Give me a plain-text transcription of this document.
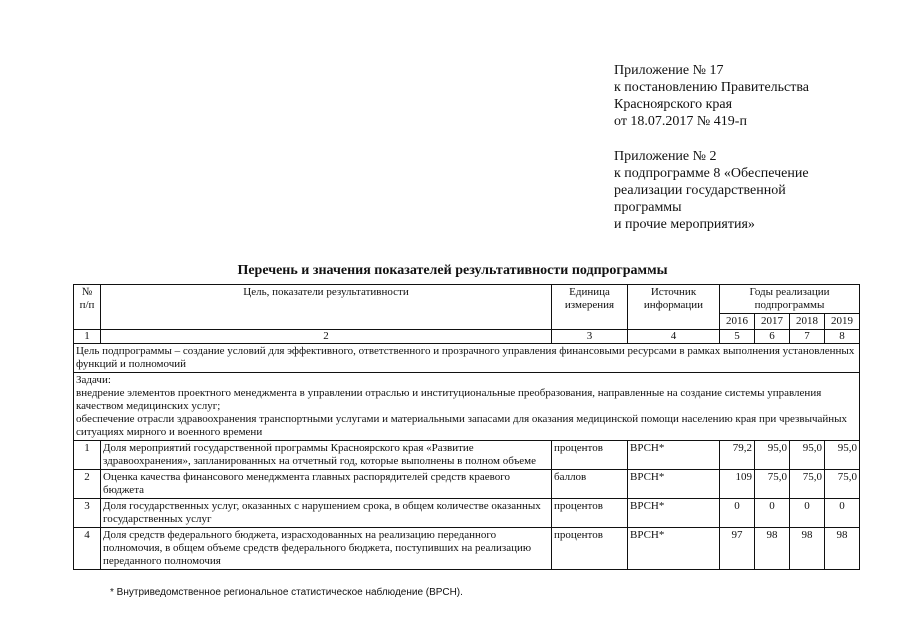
Приложение № 17
к постановлению Правительства
Красноярского края
от 18.07.2017 № 419-п
Приложение № 2
к подпрограмме 8 «Обеспечение
реализации государственной
программы
и прочие мероприятия»
Перечень и значения показателей результативности подпрограммы
№ п/п	Цель, показатели результативности	Единица измерения	Источник информации	Годы реализации подпрограммы			
				2016	2017	2018	2019
1	2	3	4	5	6	7	8
Цель подпрограммы – создание условий для эффективного, ответственного и прозрачного управления финансовыми ресурсами в рамках выполнения установленных функций и полномочий							

Задачи:
внедрение элементов проектного менеджмента в управлении отраслью и институциональные преобразования, направленные на создание системы управления качеством медицинских услуг;
обеспечение отрасли здравоохранения транспортными услугами и материальными запасами для оказания медицинской помощи населению края при чрезвычайных ситуациях мирного и военного времени							

1	Доля мероприятий государственной программы Красноярского края «Развитие здравоохранения», запланированных на отчетный год, которые выполнены в полном объеме	процентов	ВРСН*	79,2	95,0	95,0	95,0
2	Оценка качества финансового менеджмента главных распорядителей средств краевого бюджета	баллов	ВРСН*	109	75,0	75,0	75,0
3	Доля государственных услуг, оказанных с нарушением срока, в общем количестве оказанных государственных услуг	процентов	ВРСН*	0	0	0	0
4	Доля средств федерального бюджета, израсходованных на реализацию переданного полномочия, в общем объеме средств федерального бюджета, поступивших на реализацию переданного полномочия	процентов	ВРСН*	97	98	98	98
* Внутриведомственное региональное статистическое наблюдение (ВРСН).
